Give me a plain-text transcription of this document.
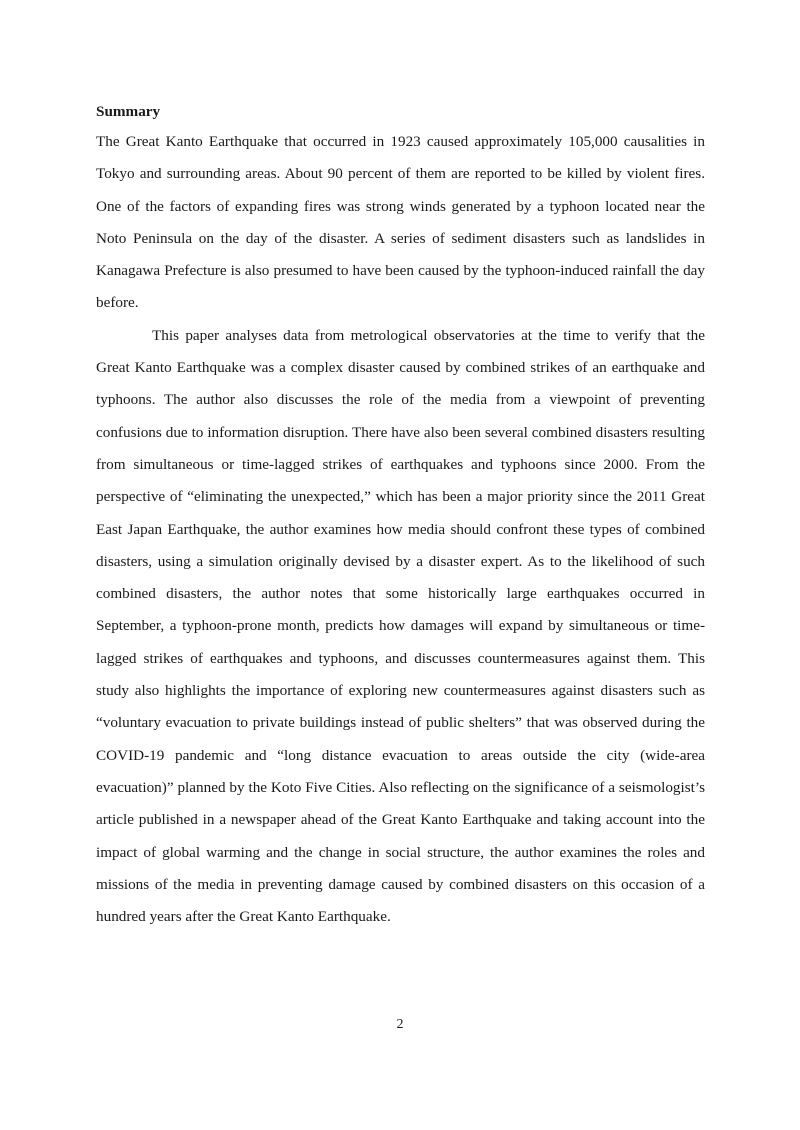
Summary

The Great Kanto Earthquake that occurred in 1923 caused approximately 105,000 causalities in Tokyo and surrounding areas. About 90 percent of them are reported to be killed by violent fires. One of the factors of expanding fires was strong winds generated by a typhoon located near the Noto Peninsula on the day of the disaster. A series of sediment disasters such as landslides in Kanagawa Prefecture is also presumed to have been caused by the typhoon-induced rainfall the day before.

This paper analyses data from metrological observatories at the time to verify that the Great Kanto Earthquake was a complex disaster caused by combined strikes of an earthquake and typhoons. The author also discusses the role of the media from a viewpoint of preventing confusions due to information disruption. There have also been several combined disasters resulting from simultaneous or time-lagged strikes of earthquakes and typhoons since 2000. From the perspective of “eliminating the unexpected,” which has been a major priority since the 2011 Great East Japan Earthquake, the author examines how media should confront these types of combined disasters, using a simulation originally devised by a disaster expert. As to the likelihood of such combined disasters, the author notes that some historically large earthquakes occurred in September, a typhoon-prone month, predicts how damages will expand by simultaneous or time-lagged strikes of earthquakes and typhoons, and discusses countermeasures against them. This study also highlights the importance of exploring new countermeasures against disasters such as “voluntary evacuation to private buildings instead of public shelters” that was observed during the COVID-19 pandemic and “long distance evacuation to areas outside the city (wide-area evacuation)” planned by the Koto Five Cities. Also reflecting on the significance of a seismologist’s article published in a newspaper ahead of the Great Kanto Earthquake and taking account into the impact of global warming and the change in social structure, the author examines the roles and missions of the media in preventing damage caused by combined disasters on this occasion of a hundred years after the Great Kanto Earthquake.

2
